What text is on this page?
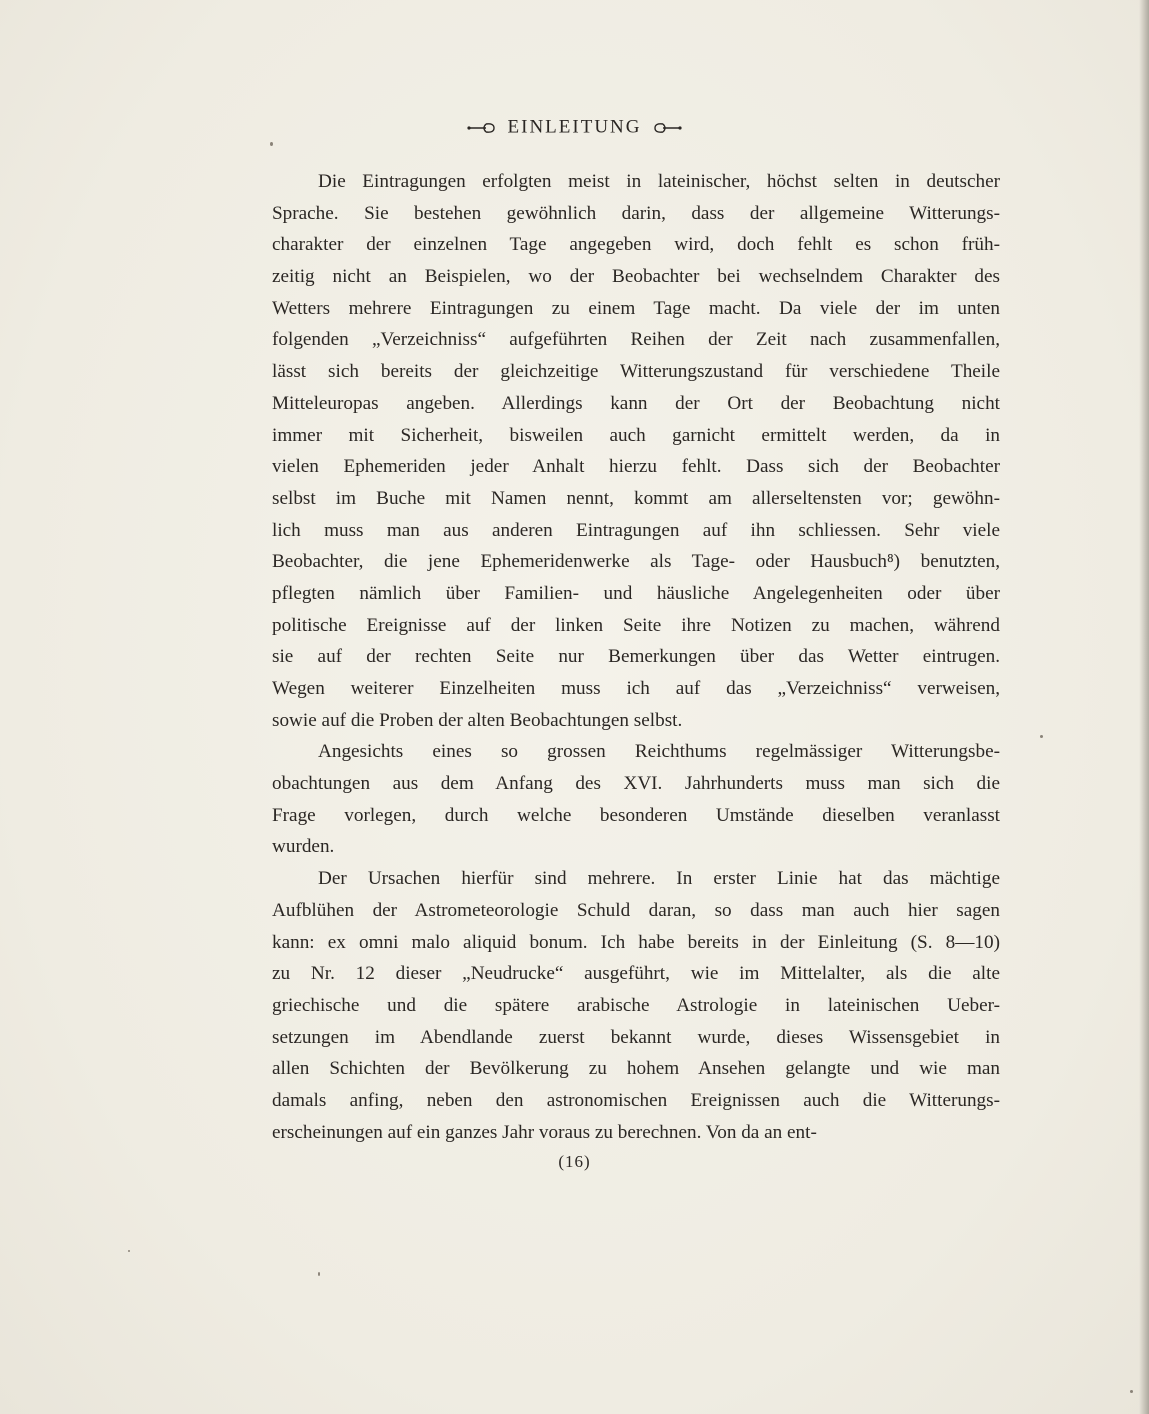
EINLEITUNG
Die Eintragungen erfolgten meist in lateinischer, höchst selten in deutscher
Sprache. Sie bestehen gewöhnlich darin, dass der allgemeine Witterungs-
charakter der einzelnen Tage angegeben wird, doch fehlt es schon früh-
zeitig nicht an Beispielen, wo der Beobachter bei wechselndem Charakter des
Wetters mehrere Eintragungen zu einem Tage macht. Da viele der im unten
folgenden „Verzeichniss“ aufgeführten Reihen der Zeit nach zusammenfallen,
lässt sich bereits der gleichzeitige Witterungszustand für verschiedene Theile
Mitteleuropas angeben. Allerdings kann der Ort der Beobachtung nicht
immer mit Sicherheit, bisweilen auch garnicht ermittelt werden, da in
vielen Ephemeriden jeder Anhalt hierzu fehlt. Dass sich der Beobachter
selbst im Buche mit Namen nennt, kommt am allerseltensten vor; gewöhn-
lich muss man aus anderen Eintragungen auf ihn schliessen. Sehr viele
Beobachter, die jene Ephemeridenwerke als Tage- oder Hausbuch⁸) benutzten,
pflegten nämlich über Familien- und häusliche Angelegenheiten oder über
politische Ereignisse auf der linken Seite ihre Notizen zu machen, während
sie auf der rechten Seite nur Bemerkungen über das Wetter eintrugen.
Wegen weiterer Einzelheiten muss ich auf das „Verzeichniss“ verweisen,
sowie auf die Proben der alten Beobachtungen selbst.
Angesichts eines so grossen Reichthums regelmässiger Witterungsbe-
obachtungen aus dem Anfang des XVI. Jahrhunderts muss man sich die
Frage vorlegen, durch welche besonderen Umstände dieselben veranlasst
wurden.
Der Ursachen hierfür sind mehrere. In erster Linie hat das mächtige
Aufblühen der Astrometeorologie Schuld daran, so dass man auch hier sagen
kann: ex omni malo aliquid bonum. Ich habe bereits in der Einleitung (S. 8—10)
zu Nr. 12 dieser „Neudrucke“ ausgeführt, wie im Mittelalter, als die alte
griechische und die spätere arabische Astrologie in lateinischen Ueber-
setzungen im Abendlande zuerst bekannt wurde, dieses Wissensgebiet in
allen Schichten der Bevölkerung zu hohem Ansehen gelangte und wie man
damals anfing, neben den astronomischen Ereignissen auch die Witterungs-
erscheinungen auf ein ganzes Jahr voraus zu berechnen. Von da an ent-
(16)
